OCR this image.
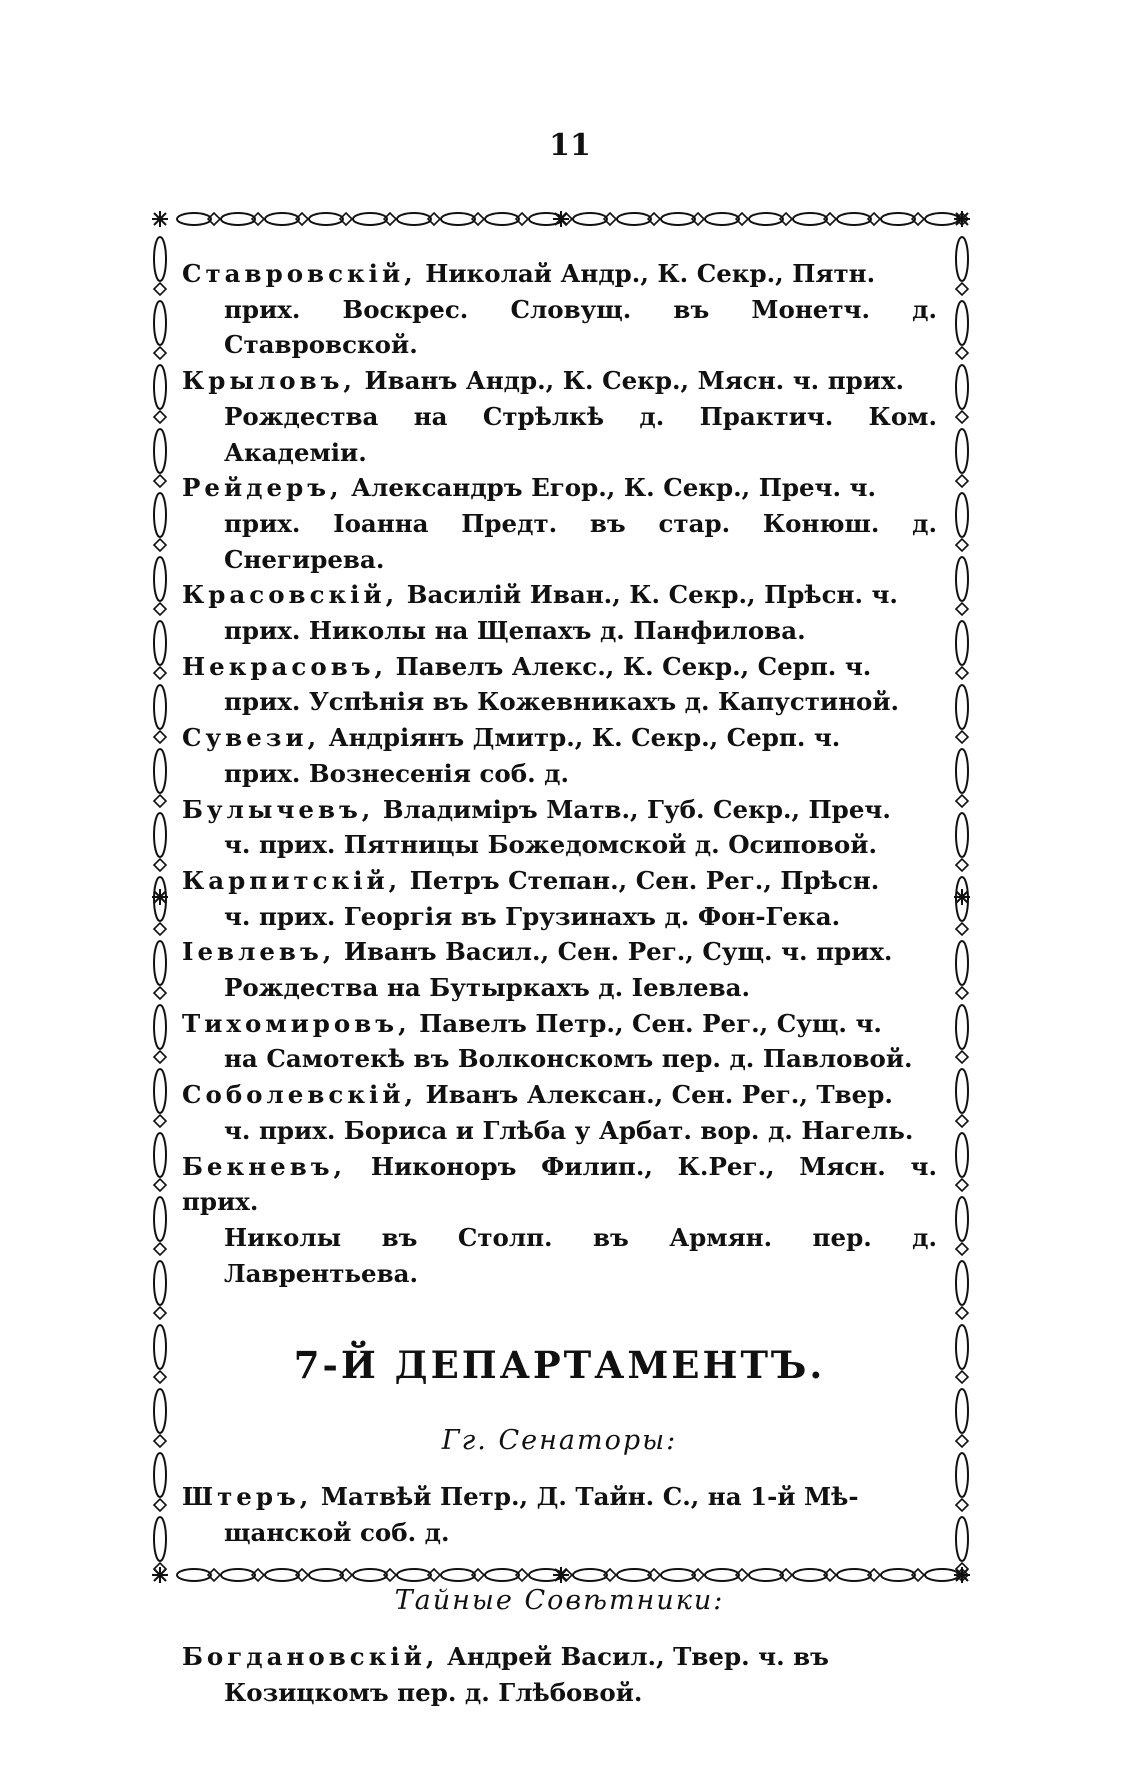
11

Ставровскій, Николай Андр., К. Секр., Пятн.
прих. Воскрес. Словущ. въ Монетч. д. Ставровской.

Крыловъ, Иванъ Андр., К. Секр., Мясн. ч. прих.
Рождества на Стрѣлкѣ д. Практич. Ком. Академіи.

Рейдеръ, Александръ Егор., К. Секр., Преч. ч.
прих. Іоанна Предт. въ стар. Конюш. д. Снегирева.

Красовскій, Василій Иван., К. Секр., Прѣсн. ч.
прих. Николы на Щепахъ д. Панфилова.

Некрасовъ, Павелъ Алекс., К. Секр., Серп. ч.
прих. Успѣнія въ Кожевникахъ д. Капустиной.

Сувези, Андріянъ Дмитр., К. Секр., Серп. ч.
прих. Вознесенія соб. д.

Булычевъ, Владиміръ Матв., Губ. Секр., Преч.
ч. прих. Пятницы Божедомской д. Осиповой.

Карпитскій, Петръ Степан., Сен. Рег., Прѣсн.
ч. прих. Георгія въ Грузинахъ д. Фон-Гека.

Іевлевъ, Иванъ Васил., Сен. Рег., Сущ. ч. прих.
Рождества на Бутыркахъ д. Іевлева.

Тихомировъ, Павелъ Петр., Сен. Рег., Сущ. ч.
на Самотекѣ въ Волконскомъ пер. д. Павловой.

Соболевскій, Иванъ Алексан., Сен. Рег., Твер.
ч. прих. Бориса и Глѣба у Арбат. вор. д. Нагель.

Бекневъ, Никоноръ Филип., К.Рег., Мясн. ч. прих.
Николы въ Столп. въ Армян. пер. д. Лаврентьева.

7-Й ДЕПАРТАМЕНТЪ.
Гг. Сенаторы:

Штеръ, Матвѣй Петр., Д. Тайн. С., на 1-й Мѣ-
щанской соб. д.

Тайные Совѣтники:

Богдановскій, Андрей Васил., Твер. ч. въ
Козицкомъ пер. д. Глѣбовой.
